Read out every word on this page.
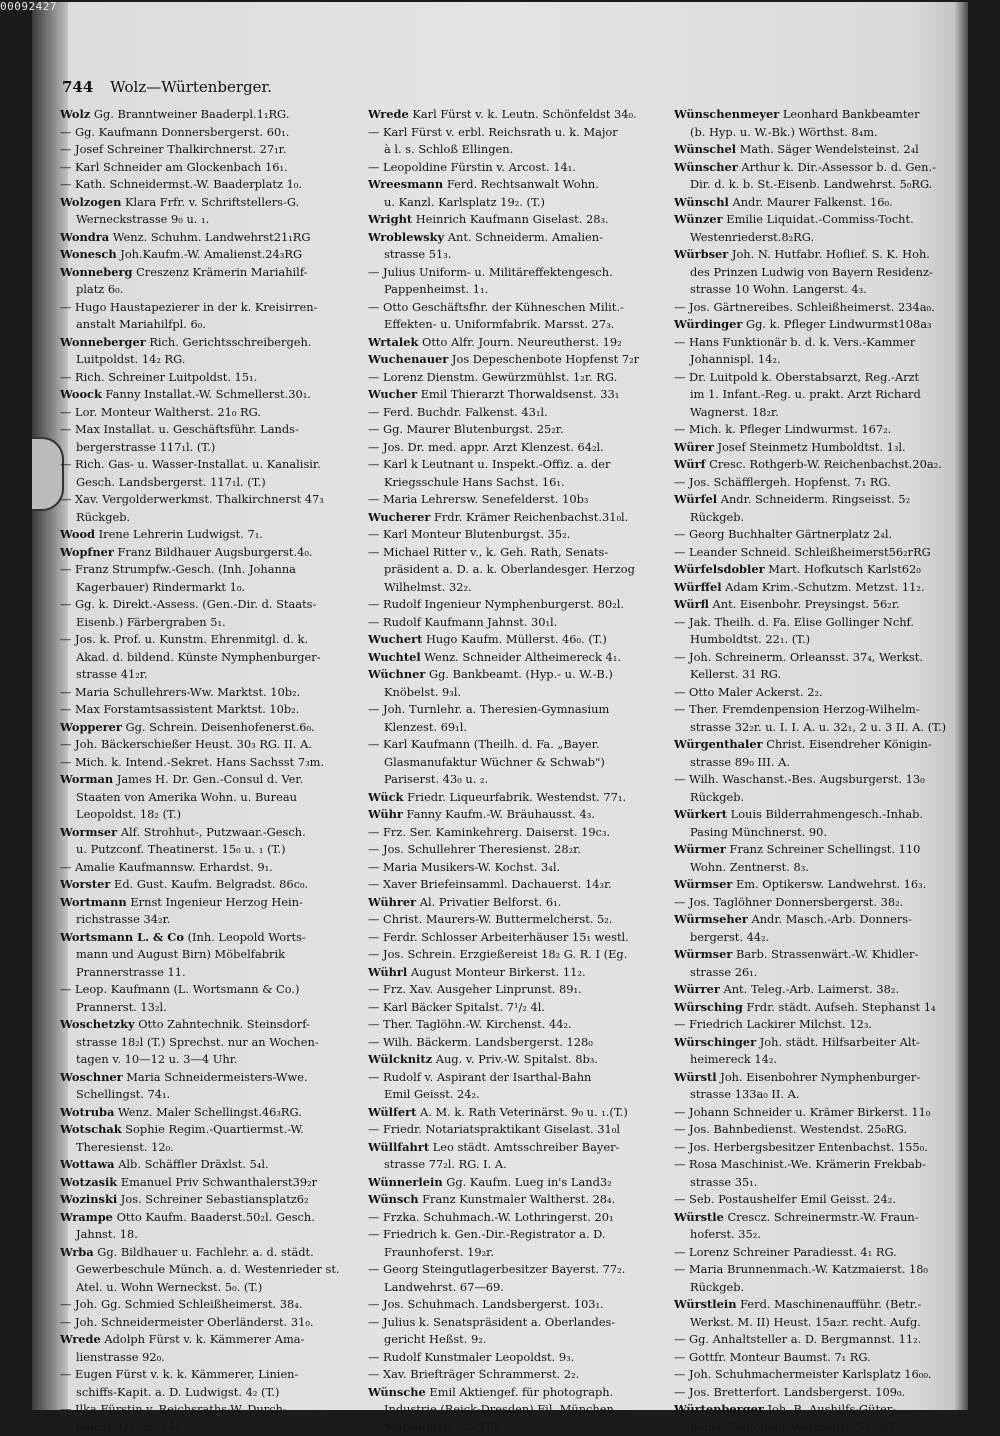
744 Wolz—Würtenberger.
Wolz Gg. Branntweiner Baaderpl.1₁RG.
— Gg. Kaufmann Donnersbergerst. 60₁.
— Josef Schreiner Thalkirchnerst. 27₁r.
— Karl Schneider am Glockenbach 16₁.
— Kath. Schneidermst.-W. Baaderplatz 1₀.
Wolzogen Klara Frfr. v. Schriftstellers-G.
Werneckstrasse 9₀ u. ₁.
Wondra Wenz. Schuhm. Landwehrst21₁RG
Wonesch Joh.Kaufm.-W. Amalienst.24₃RG
Wonneberg Creszenz Krämerin Mariahilf-
platz 6₀.
— Hugo Haustapezierer in der k. Kreisirren-
anstalt Mariahilfpl. 6₀.
Wonneberger Rich. Gerichtsschreibergeh.
Luitpoldst. 14₂ RG.
— Rich. Schreiner Luitpoldst. 15₁.
Woock Fanny Installat.-W. Schmellerst.30₁.
— Lor. Monteur Waltherst. 21₀ RG.
— Max Installat. u. Geschäftsführ. Lands-
bergerstrasse 117₁l. (T.)
— Rich. Gas- u. Wasser-Installat. u. Kanalisir.
Gesch. Landsbergerst. 117₁l. (T.)
— Xav. Vergolderwerkmst. Thalkirchnerst 47₃
Rückgeb.
Wood Irene Lehrerin Ludwigst. 7₁.
Wopfner Franz Bildhauer Augsburgerst.4₀.
— Franz Strumpfw.-Gesch. (Inh. Johanna
Kagerbauer) Rindermarkt 1₀.
— Gg. k. Direkt.-Assess. (Gen.-Dir. d. Staats-
Eisenb.) Färbergraben 5₁.
— Jos. k. Prof. u. Kunstm. Ehrenmitgl. d. k.
Akad. d. bildend. Künste Nymphenburger-
strasse 41₂r.
— Maria Schullehrers-Ww. Marktst. 10b₂.
— Max Forstamtsassistent Marktst. 10b₂.
Wopperer Gg. Schrein. Deisenhofenerst.6₀.
— Joh. Bäckerschießer Heust. 30₃ RG. II. A.
— Mich. k. Intend.-Sekret. Hans Sachsst 7₃m.
Worman James H. Dr. Gen.-Consul d. Ver.
Staaten von Amerika Wohn. u. Bureau
Leopoldst. 18₂ (T.)
Wormser Alf. Strohhut-, Putzwaar.-Gesch.
u. Putzconf. Theatinerst. 15₀ u. ₁ (T.)
— Amalie Kaufmannsw. Erhardst. 9₁.
Worster Ed. Gust. Kaufm. Belgradst. 86c₀.
Wortmann Ernst Ingenieur Herzog Hein-
richstrasse 34₂r.
Wortsmann L. & Co (Inh. Leopold Worts-
mann und August Birn) Möbelfabrik
Prannerstrasse 11.
— Leop. Kaufmann (L. Wortsmann & Co.)
Prannerst. 13₂l.
Woschetzky Otto Zahntechnik. Steinsdorf-
strasse 18₂l (T.) Sprechst. nur an Wochen-
tagen v. 10—12 u. 3—4 Uhr.
Woschner Maria Schneidermeisters-Wwe.
Schellingst. 74₁.
Wotruba Wenz. Maler Schellingst.46₃RG.
Wotschak Sophie Regim.-Quartiermst.-W.
Theresienst. 12₀.
Wottawa Alb. Schäffler Dräxlst. 5₄l.
Wotzasik Emanuel Priv Schwanthalerst39₂r
Wozinski Jos. Schreiner Sebastiansplatz6₂
Wrampe Otto Kaufm. Baaderst.50₂l. Gesch.
Jahnst. 18.
Wrba Gg. Bildhauer u. Fachlehr. a. d. städt.
Gewerbeschule Münch. a. d. Westenrieder st.
Atel. u. Wohn Werneckst. 5₀. (T.)
— Joh. Gg. Schmied Schleißheimerst. 38₄.
— Joh. Schneidermeister Oberländerst. 31₀.
Wrede Adolph Fürst v. k. Kämmerer Ama-
lienstrasse 92₀.
— Eugen Fürst v. k. k. Kämmerer, Linien-
schiffs-Kapit. a. D. Ludwigst. 4₂ (T.)
— Ilka Fürstin v. Reichsraths-W. Durch-
laucht Arcost. 14₁.
Wrede Karl Fürst v. k. Leutn. Schönfeldst 34₀.
— Karl Fürst v. erbl. Reichsrath u. k. Major
à l. s. Schloß Ellingen.
— Leopoldine Fürstin v. Arcost. 14₁.
Wreesmann Ferd. Rechtsanwalt Wohn.
u. Kanzl. Karlsplatz 19₂. (T.)
Wright Heinrich Kaufmann Giselast. 28₃.
Wroblewsky Ant. Schneiderm. Amalien-
strasse 51₃.
— Julius Uniform- u. Militäreffektengesch.
Pappenheimst. 1₁.
— Otto Geschäftsfhr. der Kühneschen Milit.-
Effekten- u. Uniformfabrik. Marsst. 27₃.
Wrtalek Otto Alfr. Journ. Neureutherst. 19₂
Wuchenauer Jos Depeschenbote Hopfenst 7₂r
— Lorenz Dienstm. Gewürzmühlst. 1₂r. RG.
Wucher Emil Thierarzt Thorwaldsenst. 33₁
— Ferd. Buchdr. Falkenst. 43₁l.
— Gg. Maurer Blutenburgst. 25₂r.
— Jos. Dr. med. appr. Arzt Klenzest. 64₂l.
— Karl k Leutnant u. Inspekt.-Offiz. a. der
Kriegsschule Hans Sachst. 16₁.
— Maria Lehrersw. Senefelderst. 10b₃
Wucherer Frdr. Krämer Reichenbachst.31₀l.
— Karl Monteur Blutenburgst. 35₂.
— Michael Ritter v., k. Geh. Rath, Senats-
präsident a. D. a. k. Oberlandesger. Herzog
Wilhelmst. 32₂.
— Rudolf Ingenieur Nymphenburgerst. 80₂l.
— Rudolf Kaufmann Jahnst. 30₁l.
Wuchert Hugo Kaufm. Müllerst. 46₀. (T.)
Wuchtel Wenz. Schneider Altheimereck 4₁.
Wüchner Gg. Bankbeamt. (Hyp.- u. W.-B.)
Knöbelst. 9₃l.
— Joh. Turnlehr. a. Theresien-Gymnasium
Klenzest. 69₁l.
— Karl Kaufmann (Theilh. d. Fa. „Bayer.
Glasmanufaktur Wüchner & Schwab")
Pariserst. 43₀ u. ₂.
Wück Friedr. Liqueurfabrik. Westendst. 77₁.
Wühr Fanny Kaufm.-W. Bräuhausst. 4₃.
— Frz. Ser. Kaminkehrerg. Daiserst. 19c₃.
— Jos. Schullehrer Theresienst. 28₂r.
— Maria Musikers-W. Kochst. 3₄l.
— Xaver Briefeinsamml. Dachauerst. 14₃r.
Wührer Al. Privatier Belforst. 6₁.
— Christ. Maurers-W. Buttermelcherst. 5₂.
— Ferdr. Schlosser Arbeiterhäuser 15₁ westl.
— Jos. Schrein. Erzgießereist 18₂ G. R. I (Eg.
Wührl August Monteur Birkerst. 11₂.
— Frz. Xav. Ausgeher Linprunst. 89₁.
— Karl Bäcker Spitalst. 7¹/₂ 4l.
— Ther. Taglöhn.-W. Kirchenst. 44₂.
— Wilh. Bäckerm. Landsbergerst. 128₀
Wülcknitz Aug. v. Priv.-W. Spitalst. 8b₃.
— Rudolf v. Aspirant der Isarthal-Bahn
Emil Geisst. 24₂.
Wülfert A. M. k. Rath Veterinärst. 9₀ u. ₁.(T.)
— Friedr. Notariatspraktikant Giselast. 31₀l
Wüllfahrt Leo städt. Amtsschreiber Bayer-
strasse 77₂l. RG. I. A.
Wünnerlein Gg. Kaufm. Lueg in's Land3₂
Wünsch Franz Kunstmaler Waltherst. 28₄.
— Frzka. Schuhmach.-W. Lothringerst. 20₁
— Friedrich k. Gen.-Dir.-Registrator a. D.
Fraunhoferst. 19₂r.
— Georg Steingutlagerbesitzer Bayerst. 77₂.
Landwehrst. 67—69.
— Jos. Schuhmach. Landsbergerst. 103₁.
— Julius k. Senatspräsident a. Oberlandes-
gericht Heßst. 9₂.
— Rudolf Kunstmaler Leopoldst. 9₃.
— Xav. Briefträger Schrammerst. 2₂.
Wünsche Emil Aktiengef. für photograph.
Industrie (Reick-Dresden) Fil. München
Marienplatz 12₀ (T.)
Wünschenmeyer Leonhard Bankbeamter
(b. Hyp. u. W.-Bk.) Wörthst. 8₄m.
Wünschel Math. Säger Wendelsteinst. 2₄l
Wünscher Arthur k. Dir.-Assessor b. d. Gen.-
Dir. d. k. b. St.-Eisenb. Landwehrst. 5₀RG.
Wünschl Andr. Maurer Falkenst. 16₀.
Wünzer Emilie Liquidat.-Commiss-Tocht.
Westenriederst.8₂RG.
Würbser Joh. N. Hutfabr. Hoflief. S. K. Hoh.
des Prinzen Ludwig von Bayern Residenz-
strasse 10 Wohn. Langerst. 4₃.
— Jos. Gärtnereibes. Schleißheimerst. 234a₀.
Würdinger Gg. k. Pfleger Lindwurmst108a₃
— Hans Funktionär b. d. k. Vers.-Kammer
Johannispl. 14₂.
— Dr. Luitpold k. Oberstabsarzt, Reg.-Arzt
im 1. Infant.-Reg. u. prakt. Arzt Richard
Wagnerst. 18₂r.
— Mich. k. Pfleger Lindwurmst. 167₂.
Würer Josef Steinmetz Humboldtst. 1₃l.
Würf Cresc. Rothgerb-W. Reichenbachst.20a₂.
— Jos. Schäfflergeh. Hopfenst. 7₁ RG.
Würfel Andr. Schneiderm. Ringseisst. 5₂
Rückgeb.
— Georg Buchhalter Gärtnerplatz 2₄l.
— Leander Schneid. Schleißheimerst56₂rRG
Würfelsdobler Mart. Hofkutsch Karlst62₀
Würffel Adam Krim.-Schutzm. Metzst. 11₂.
Würfl Ant. Eisenbohr. Preysingst. 56₂r.
— Jak. Theilh. d. Fa. Elise Gollinger Nchf.
Humboldtst. 22₁. (T.)
— Joh. Schreinerm. Orleansst. 37₄, Werkst.
Kellerst. 31 RG.
— Otto Maler Ackerst. 2₂.
— Ther. Fremdenpension Herzog-Wilhelm-
strasse 32₂r. u. I. I. A. u. 32₁, 2 u. 3 II. A. (T.)
Würgenthaler Christ. Eisendreher Königin-
strasse 89₀ III. A.
— Wilh. Waschanst.-Bes. Augsburgerst. 13₀
Rückgeb.
Würkert Louis Bilderrahmengesch.-Inhab.
Pasing Münchnerst. 90.
Würmer Franz Schreiner Schellingst. 110
Wohn. Zentnerst. 8₃.
Würmser Em. Optikersw. Landwehrst. 16₃.
— Jos. Taglöhner Donnersbergerst. 38₂.
Würmseher Andr. Masch.-Arb. Donners-
bergerst. 44₂.
Würmser Barb. Strassenwärt.-W. Khidler-
strasse 26₁.
Würrer Ant. Teleg.-Arb. Laimerst. 38₂.
Würsching Frdr. städt. Aufseh. Stephanst 1₄
— Friedrich Lackirer Milchst. 12₃.
Würschinger Joh. städt. Hilfsarbeiter Alt-
heimereck 14₂.
Würstl Joh. Eisenbohrer Nymphenburger-
strasse 133a₀ II. A.
— Johann Schneider u. Krämer Birkerst. 11₀
— Jos. Bahnbedienst. Westendst. 25₀RG.
— Jos. Herbergsbesitzer Entenbachst. 155₀.
— Rosa Maschinist.-We. Krämerin Frekbab-
strasse 35₁.
— Seb. Postaushelfer Emil Geisst. 24₂.
Würstle Crescz. Schreinermstr.-W. Fraun-
hoferst. 35₂.
— Lorenz Schreiner Paradiesst. 4₁ RG.
— Maria Brunnenmach.-W. Katzmaierst. 18₀
Rückgeb.
Würstlein Ferd. Maschinenaufführ. (Betr.-
Werkst. M. II) Heust. 15a₂r. recht. Aufg.
— Gg. Anhaltsteller a. D. Bergmannst. 11₂.
— Gottfr. Monteur Baumst. 7₁ RG.
— Joh. Schuhmachermeister Karlsplatz 16₀₀.
— Jos. Bretterfort. Landsbergerst. 109₀.
Würtenberger Joh. B. Aushilfs-Güter-
dienst-Taglöhner Westendst. 51₂RG.
00092427
